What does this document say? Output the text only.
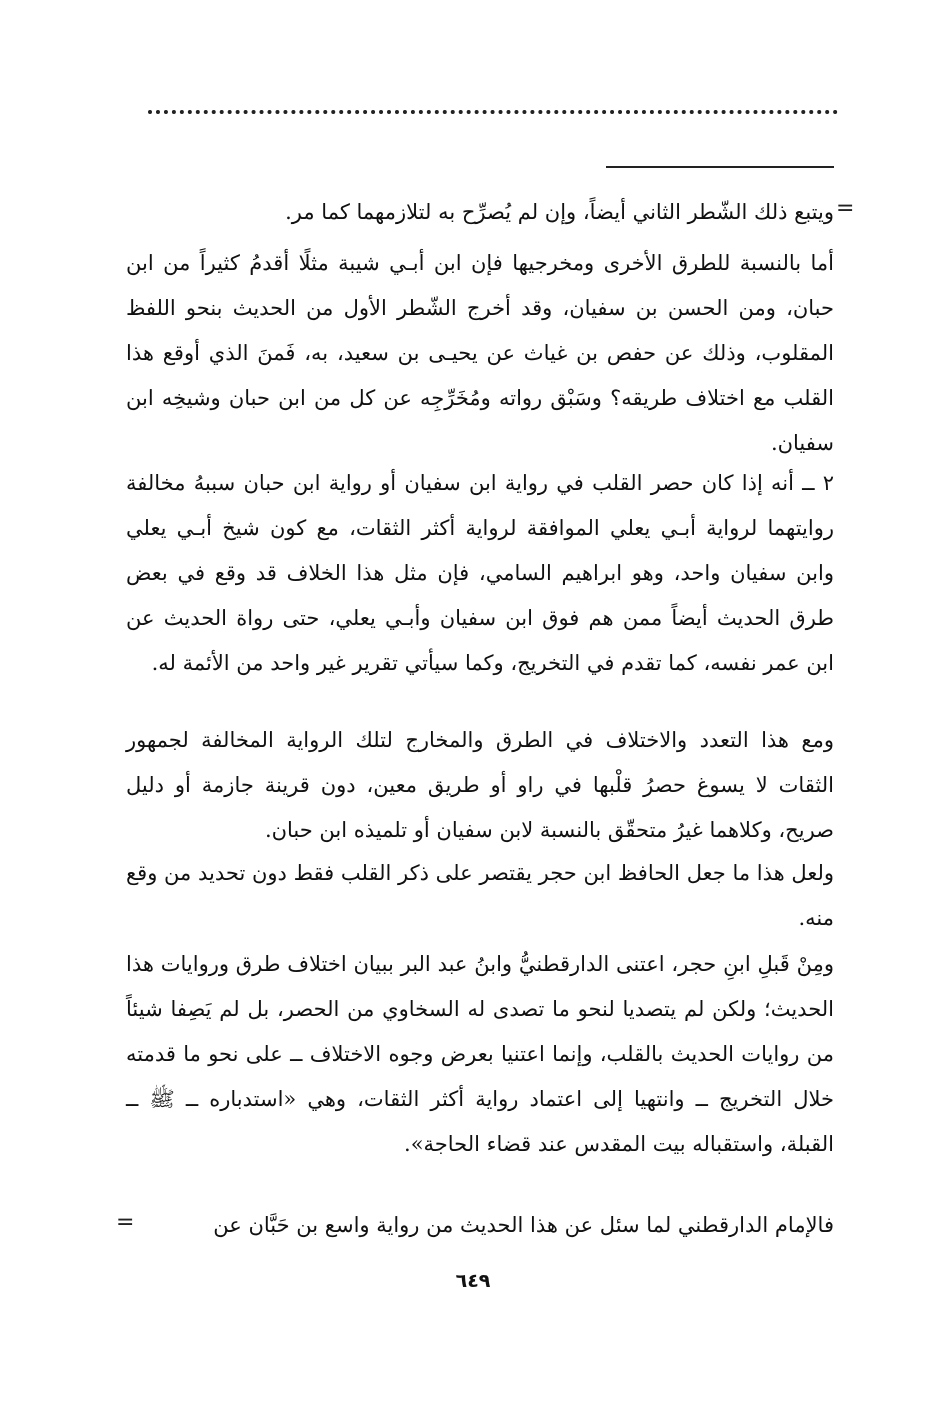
=

ويتبع ذلك الشّطر الثاني أيضاً، وإن لم يُصرِّح به لتلازمهما كما مر.

أما بالنسبة للطرق الأخرى ومخرجيها فإن ابن أبـي شيبة مثلًا أقدمُ كثيراً من ابن حبان، ومن الحسن بن سفيان، وقد أخرج الشّطر الأول من الحديث بنحو اللفظ المقلوب، وذلك عن حفص بن غياث عن يحيـى بن سعيد، به، فَمنَ الذي أوقع هذا القلب مع اختلاف طريقه؟ وسَبْق رواته ومُخَرِّجِه عن كل من ابن حبان وشيخِه ابن سفيان.

٢ ــ أنه إذا كان حصر القلب في رواية ابن سفيان أو رواية ابن حبان سببهُ مخالفة روايتهما لرواية أبـي يعلي الموافقة لرواية أكثر الثقات، مع كون شيخ أبـي يعلي وابن سفيان واحد، وهو ابراهيم السامي، فإن مثل هذا الخلاف قد وقع في بعض طرق الحديث أيضاً ممن هم فوق ابن سفيان وأبـي يعلي، حتى رواة الحديث عن ابن عمر نفسه، كما تقدم في التخريج، وكما سيأتي تقرير غير واحد من الأئمة له.

ومع هذا التعدد والاختلاف في الطرق والمخارج لتلك الرواية المخالفة لجمهور الثقات لا يسوغ حصرُ قلْبها في راو أو طريق معين، دون قرينة جازمة أو دليل صريح، وكلاهما غيرُ متحقّق بالنسبة لابن سفيان أو تلميذه ابن حبان.

ولعل هذا ما جعل الحافظ ابن حجر يقتصر على ذكر القلب فقط دون تحديد من وقع منه.

ومِنْ قَبلِ ابنِ حجر، اعتنى الدارقطنيُّ وابنُ عبد البر ببيان اختلاف طرق وروايات هذا الحديث؛ ولكن لم يتصديا لنحو ما تصدى له السخاوي من الحصر، بل لم يَصِفا شيئاً من روايات الحديث بالقلب، وإنما اعتنيا بعرض وجوه الاختلاف ــ على نحو ما قدمته خلال التخريج ــ وانتهيا إلى اعتماد رواية أكثر الثقات، وهي «استدباره ــ ﷺ ــ القبلة، واستقباله بيت المقدس عند قضاء الحاجة».

فالإمام الدارقطني لما سئل عن هذا الحديث من رواية واسع بن حَبَّان عن

=
٦٤٩
